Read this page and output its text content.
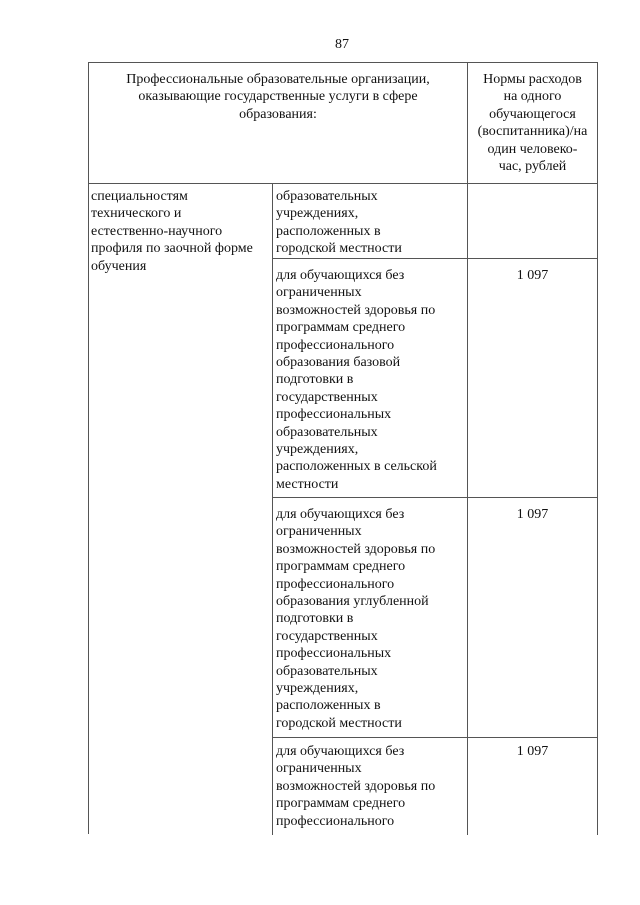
87
Профессиональные образовательные организации,
оказывающие государственные услуги в сфере
образования:
Нормы расходов
на одного
обучающегося
(воспитанника)/на
один человеко-
час, рублей
специальностям
технического и
естественно-научного
профиля по заочной форме
обучения
образовательных
учреждениях,
расположенных в
городской местности
для обучающихся без
ограниченных
возможностей здоровья по
программам среднего
профессионального
образования базовой
подготовки в
государственных
профессиональных
образовательных
учреждениях,
расположенных в сельской
местности
1 097
для обучающихся без
ограниченных
возможностей здоровья по
программам среднего
профессионального
образования углубленной
подготовки в
государственных
профессиональных
образовательных
учреждениях,
расположенных в
городской местности
1 097
для обучающихся без
ограниченных
возможностей здоровья по
программам среднего
профессионального
1 097
